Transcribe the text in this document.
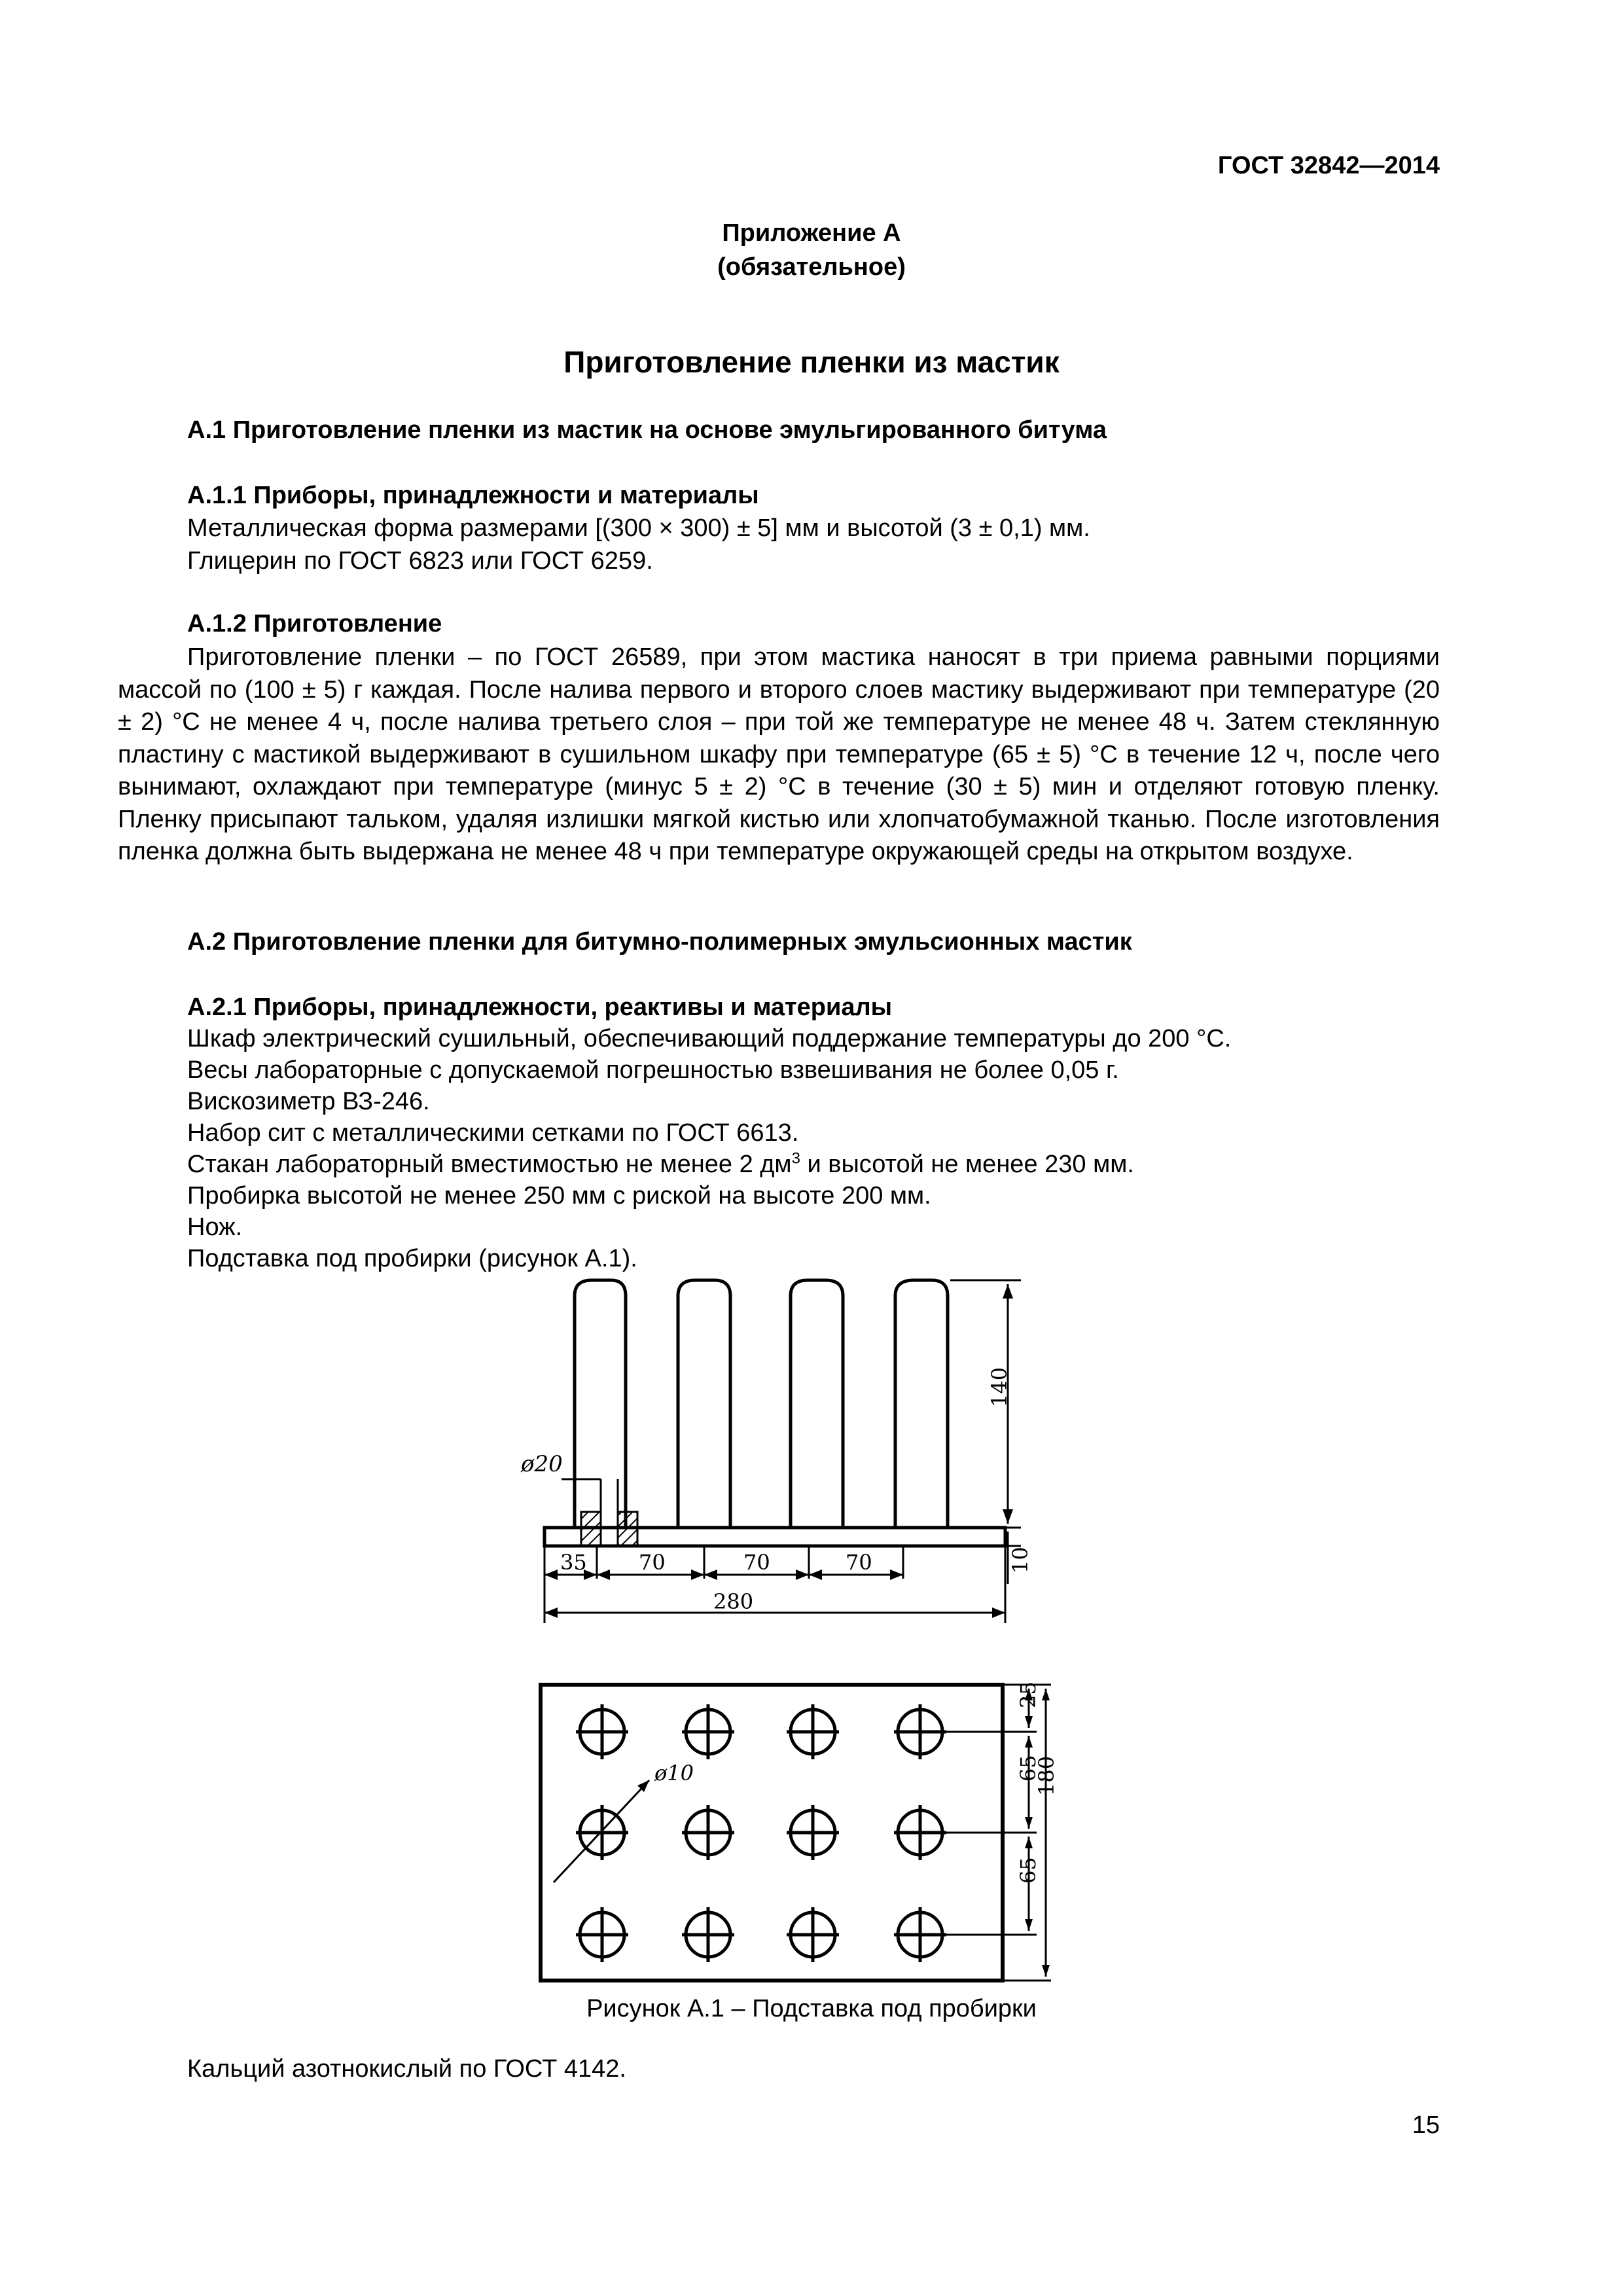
ГОСТ 32842—2014
Приложение А
(обязательное)
Приготовление пленки из мастик
А.1 Приготовление пленки из мастик на основе эмульгированного битума
А.1.1 Приборы, принадлежности и материалы
Металлическая форма размерами [(300 × 300) ± 5] мм и высотой (3 ± 0,1) мм.
Глицерин по ГОСТ 6823 или ГОСТ 6259.
А.1.2 Приготовление
Приготовление пленки – по ГОСТ 26589, при этом мастика наносят в три приема равными порциями массой по (100 ± 5) г каждая. После налива первого и второго слоев мастику выдерживают при температуре (20 ± 2) °С не менее 4 ч, после налива третьего слоя – при той же температуре не менее 48 ч. Затем стеклянную пластину с мастикой выдерживают в сушильном шкафу при температуре (65 ± 5) °С в течение 12 ч, после чего вынимают, охлаждают при температуре (минус 5 ± 2) °С в течение (30 ± 5) мин и отделяют готовую пленку. Пленку присыпают тальком, удаляя излишки мягкой кистью или хлопчатобумажной тканью. После изготовления пленка должна быть выдержана не менее 48 ч при температуре окружающей среды на открытом воздухе.
А.2 Приготовление пленки для битумно-полимерных эмульсионных мастик
А.2.1 Приборы, принадлежности, реактивы и материалы
Шкаф электрический сушильный, обеспечивающий поддержание температуры до 200 °С.
Весы лабораторные с допускаемой погрешностью взвешивания не более 0,05 г.
Вискозиметр ВЗ-246.
Набор сит с металлическими сетками по ГОСТ 6613.
Стакан лабораторный вместимостью не менее 2 $дм^3$ и высотой не менее 230 мм.
Пробирка высотой не менее 250 мм с риской на высоте 200 мм.
Нож.
Подставка под пробирки (рисунок А.1).
ø20
140
35 70	70	70
280
10
ø10
25
65
65
180
Рисунок А.1 – Подставка под пробирки
Кальций азотнокислый по ГОСТ 4142.
15
